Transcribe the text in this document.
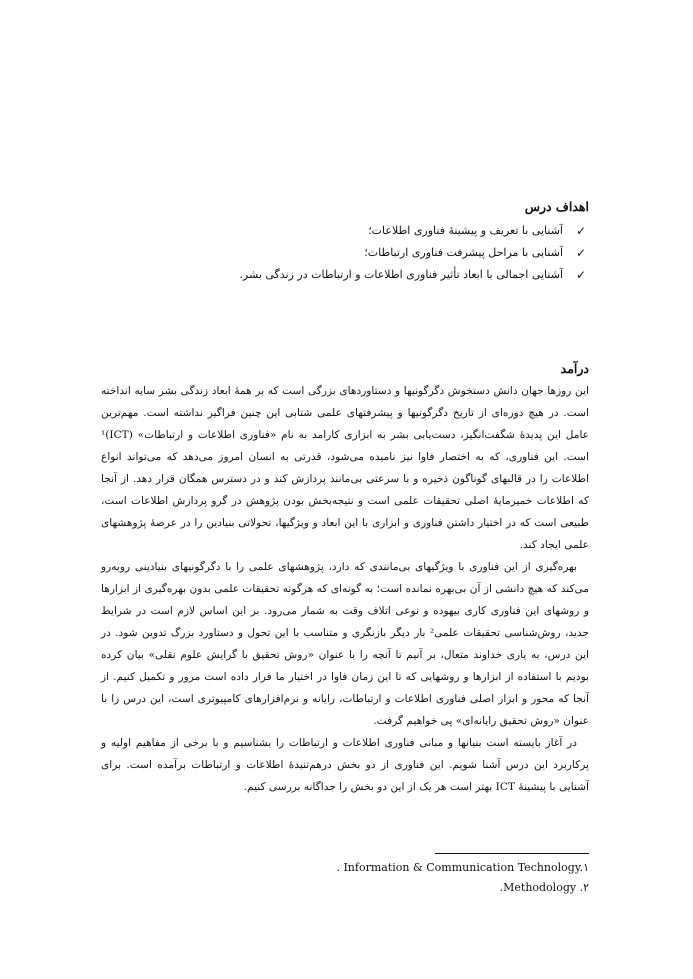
اهداف درس
✓
آشنایی با تعریف و پیشینهٔ فناوری اطلاعات؛
✓
آشنایی با مراحل پیشرفت فناوری ارتباطات؛
✓
آشنایی اجمالی با ابعاد تأثیر فناوری اطلاعات و ارتباطات در زندگی بشر.
درآمد

این روزها جهان دانش دستخوش دگرگونیها و دستاوردهای بزرگی است که بر همهٔ ابعاد زندگی بشر سایه انداخته است. در هیچ دوره‌ای از تاریخ دگرگونیها و پیشرفتهای علمی شتابی این چنین فراگیر نداشته است. مهم‌ترین عامل این پدیدهٔ شگفت‌انگیز، دست‌یابی بشر به ابزاری کارامد به نام «فناوری اطلاعات و ارتباطات» (ICT)¹ است. این فناوری، که به اختصار فاوا نیز نامیده می‌شود، قدرتی به انسان امروز می‌دهد که می‌تواند انواع اطلاعات را در قالبهای گوناگون ذخیره و با سرعتی بی‌مانند پردازش کند و در دسترس همگان قرار دهد. از آنجا که اطلاعات خمیرمایهٔ اصلی تحقیقات علمی است و نتیجه‌بخش بودن پژوهش در گرو پردازش اطلاعات است، طبیعی است که در اختیار داشتن فناوری و ابزاری با این ابعاد و ویژگیها، تحولاتی بنیادین را در عرصهٔ پژوهشهای علمی ایجاد کند.

بهره‌گیری از این فناوری با ویژگیهای بی‌مانندی که دارد، پژوهشهای علمی را با دگرگونیهای بنیادینی روبه‌رو می‌کند که هیچ دانشی از آن بی‌بهره نمانده است؛ به گونه‌ای که هرگونه تحقیقات علمی بدون بهره‌گیری از ابزارها و روشهای این فناوری کاری بیهوده و نوعی اتلاف وقت به شمار می‌رود. بر این اساس لازم است در شرایط جدید، روش‌شناسی تحقیقات علمی² بار دیگر بازنگری و متناسب با این تحول و دستاورد بزرگ تدوین شود. در این درس، به یاری خداوند متعال، بر آنیم تا آنچه را با عنوان «روش تحقیق با گرایش علوم نقلی» بیان کرده بودیم با استفاده از ابزارها و روشهایی که تا این زمان فاوا در اختیار ما قرار داده است مرور و تکمیل کنیم. از آنجا که محور و ابزار اصلی فناوری اطلاعات و ارتباطات، رایانه و نرم‌افزارهای کامپیوتری است، این درس را با عنوان «روش تحقیق رایانه‌ای» پی خواهیم گرفت.

در آغاز بایسته است بنیانها و مبانی فناوری اطلاعات و ارتباطات را بشناسیم و با برخی از مفاهیم اولیه و پرکاربرد این درس آشنا شویم. این فناوری از دو بخش درهم‌تنیدهٔ اطلاعات و ارتباطات برآمده است. برای آشنایی با پیشینهٔ ICT بهتر است هر یک از این دو بخش را جداگانه بررسی کنیم.

. Information & Communication Technology.١
.Methodology .٢
